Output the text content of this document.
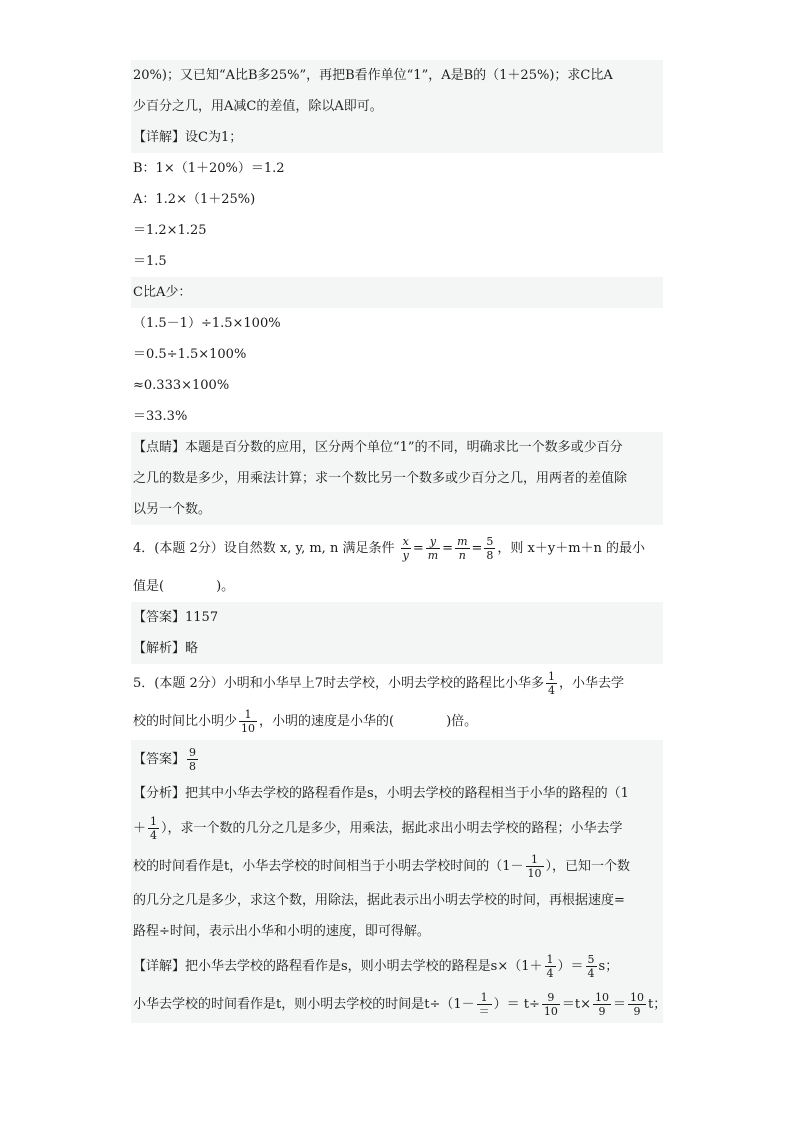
20%)；又已知“A比B多25%”，再把B看作单位“1”，A是B的（1＋25%)；求C比A
少百分之几，用A减C的差值，除以A即可。
【详解】设C为1；
B：1×（1＋20%）＝1.2
A：1.2×（1＋25%)
＝1.2×1.25
＝1.5
C比A少：
（1.5－1）÷1.5×100%
＝0.5÷1.5×100%
≈0.333×100%
＝33.3%
【点睛】本题是百分数的应用，区分两个单位“1”的不同，明确求比一个数多或少百分
之几的数是多少，用乘法计算；求一个数比另一个数多或少百分之几，用两者的差值除
以另一个数。
4．(本题 2分）设自然数 x, y, m, n 满足条件 $\frac{x}{y} = \frac{y}{m} = \frac{m}{n} = \frac{5}{8}$ ，则 x＋y＋m＋n 的最小
值是(	)。
【答案】1157
【解析】略
5．(本题 2分）小明和小华早上7时去学校，小明去学校的路程比小华多 $\frac{1}{4}$ ，小华去学
校的时间比小明少 $\frac{1}{10}$ ，小明的速度是小华的(	)倍。
【答案】 $\frac{9}{8}$
【分析】把其中小华去学校的路程看作是s，小明去学校的路程相当于小华的路程的（1
＋ $\frac{1}{4}$ ），求一个数的几分之几是多少，用乘法，据此求出小明去学校的路程；小华去学
校的时间看作是t，小华去学校的时间相当于小明去学校时间的（$1- \frac{1}{10}$ ），已知一个数
的几分之几是多少，求这个数，用除法，据此表示出小明去学校的时间，再根据速度=
路程÷时间，表示出小华和小明的速度，即可得解。
【详解】把小华去学校的路程看作是s，则小明去学校的路程是$s\times(1+ \frac{1}{4}$ ）＝ $\frac{5}{4}$ s；
小华去学校的时间看作是t，则小明去学校的时间是$t\div(1- \frac{1}{=}$ ）＝ $t\div \frac{9}{10} =t\times \frac{10}{9} = \frac{10}{9}$ t；
